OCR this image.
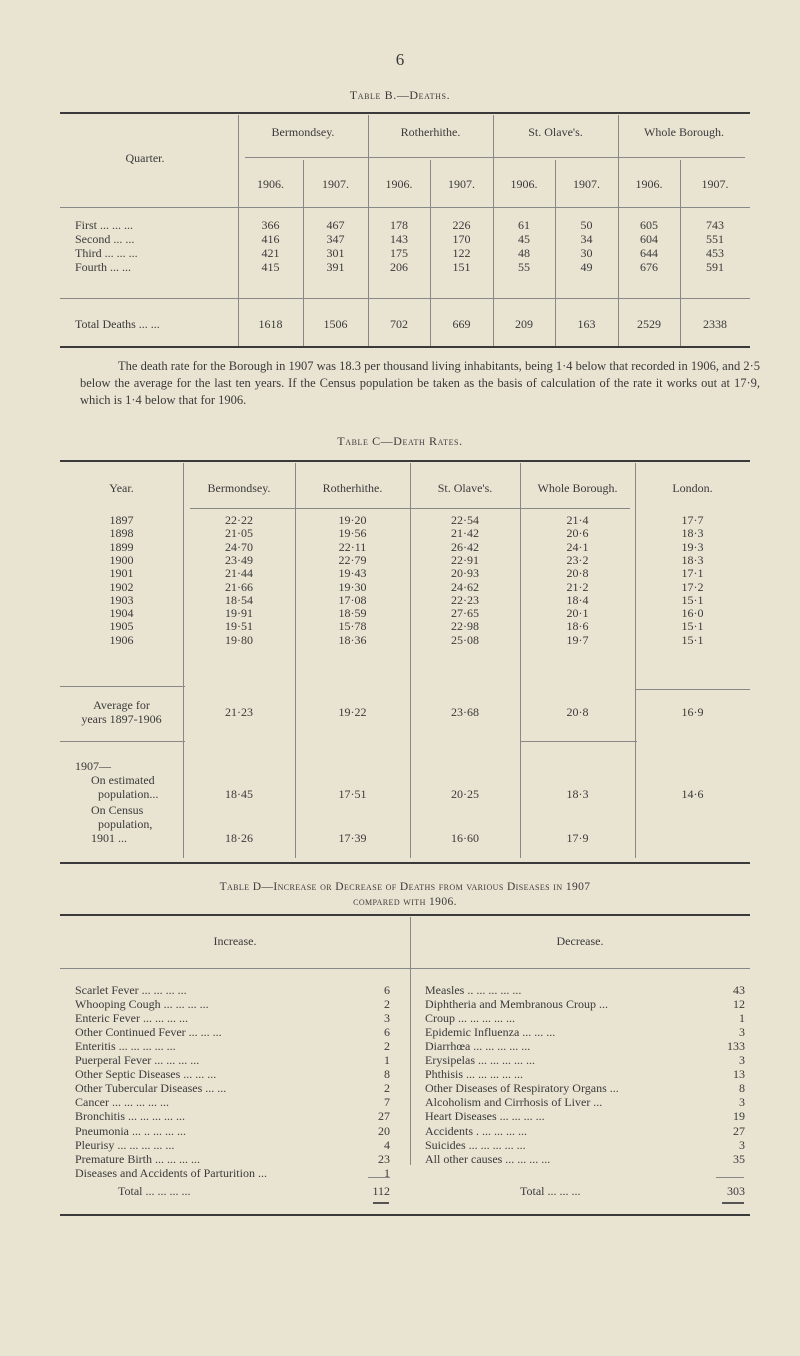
6
Table B.—Deaths.
Quarter.
Bermondsey.	Rotherhithe.	St. Olave's.	Whole Borough.
1906.	1907.	1906.	1907.	1906.	1907.	1906.	1907.
First ... ... ...	366	467	178	226	61	50	605	743
Second ... ...	416	347	143	170	45	34	604	551
Third ... ... ...	421	301	175	122	48	30	644	453
Fourth ... ...	415	391	206	151	55	49	676	591
Total Deaths ... ...	1618	1506	702	669	209	163	2529	2338
The death rate for the Borough in 1907 was 18.3 per thousand living inhabitants, being 1·4 below that recorded in 1906, and 2·5 below the average for the last ten years. If the Census population be taken as the basis of calculation of the rate it works out at 17·9, which is 1·4 below that for 1906.
Table C—Death Rates.
Year.	Bermondsey.	Rotherhithe.	St. Olave's.	Whole Borough.	London.
1897	22·22	19·20	22·54	21·4	17·7
1898	21·05	19·56	21·42	20·6	18·3
1899	24·70	22·11	26·42	24·1	19·3
1900	23·49	22·79	22·91	23·2	18·3
1901	21·44	19·43	20·93	20·8	17·1
1902	21·66	19·30	24·62	21·2	17·2
1903	18·54	17·08	22·23	18·4	15·1
1904	19·91	18·59	27·65	20·1	16·0
1905	19·51	15·78	22·98	18·6	15·1
1906	19·80	18·36	25·08	19·7	15·1
Average for
years 1897-1906	21·23	19·22	23·68	20·8	16·9
1907—
On estimated
population...	18·45	17·51	20·25	18·3	14·6
On Census
population,
1901 ...	18·26	17·39	16·60	17·9
Table D—Increase or Decrease of Deaths from various Diseases in 1907
compared with 1906.
Increase.	Decrease.
Scarlet Fever ... ... ... ...	6
Whooping Cough ... ... ... ...	2
Enteric Fever ... ... ... ...	3
Other Continued Fever ... ... ...	6
Enteritis ... ... ... ... ...	2
Puerperal Fever ... ... ... ...	1
Other Septic Diseases ... ... ...	8
Other Tubercular Diseases ... ...	2
Cancer ... ... ... ... ...	7
Bronchitis ... ... ... ... ...	27
Pneumonia ... .. ... ... ...	20
Pleurisy ... ... ... ... ...	4
Premature Birth ... ... ... ...	23
Diseases and Accidents of Parturition ...	1
Measles .. ... ... ... ...	43
Diphtheria and Membranous Croup ...	12
Croup ... ... ... ... ...	1
Epidemic Influenza ... ... ...	3
Diarrhœa ... ... ... ... ...	133
Erysipelas ... ... ... ... ...	3
Phthisis ... ... ... ... ...	13
Other Diseases of Respiratory Organs ...	8
Alcoholism and Cirrhosis of Liver ...	3
Heart Diseases ... ... ... ...	19
Accidents . ... ... ... ...	27
Suicides ... ... ... ... ...	3
All other causes ... ... ... ...	35
Total ... ... ... ...	112	Total ... ... ...	303
